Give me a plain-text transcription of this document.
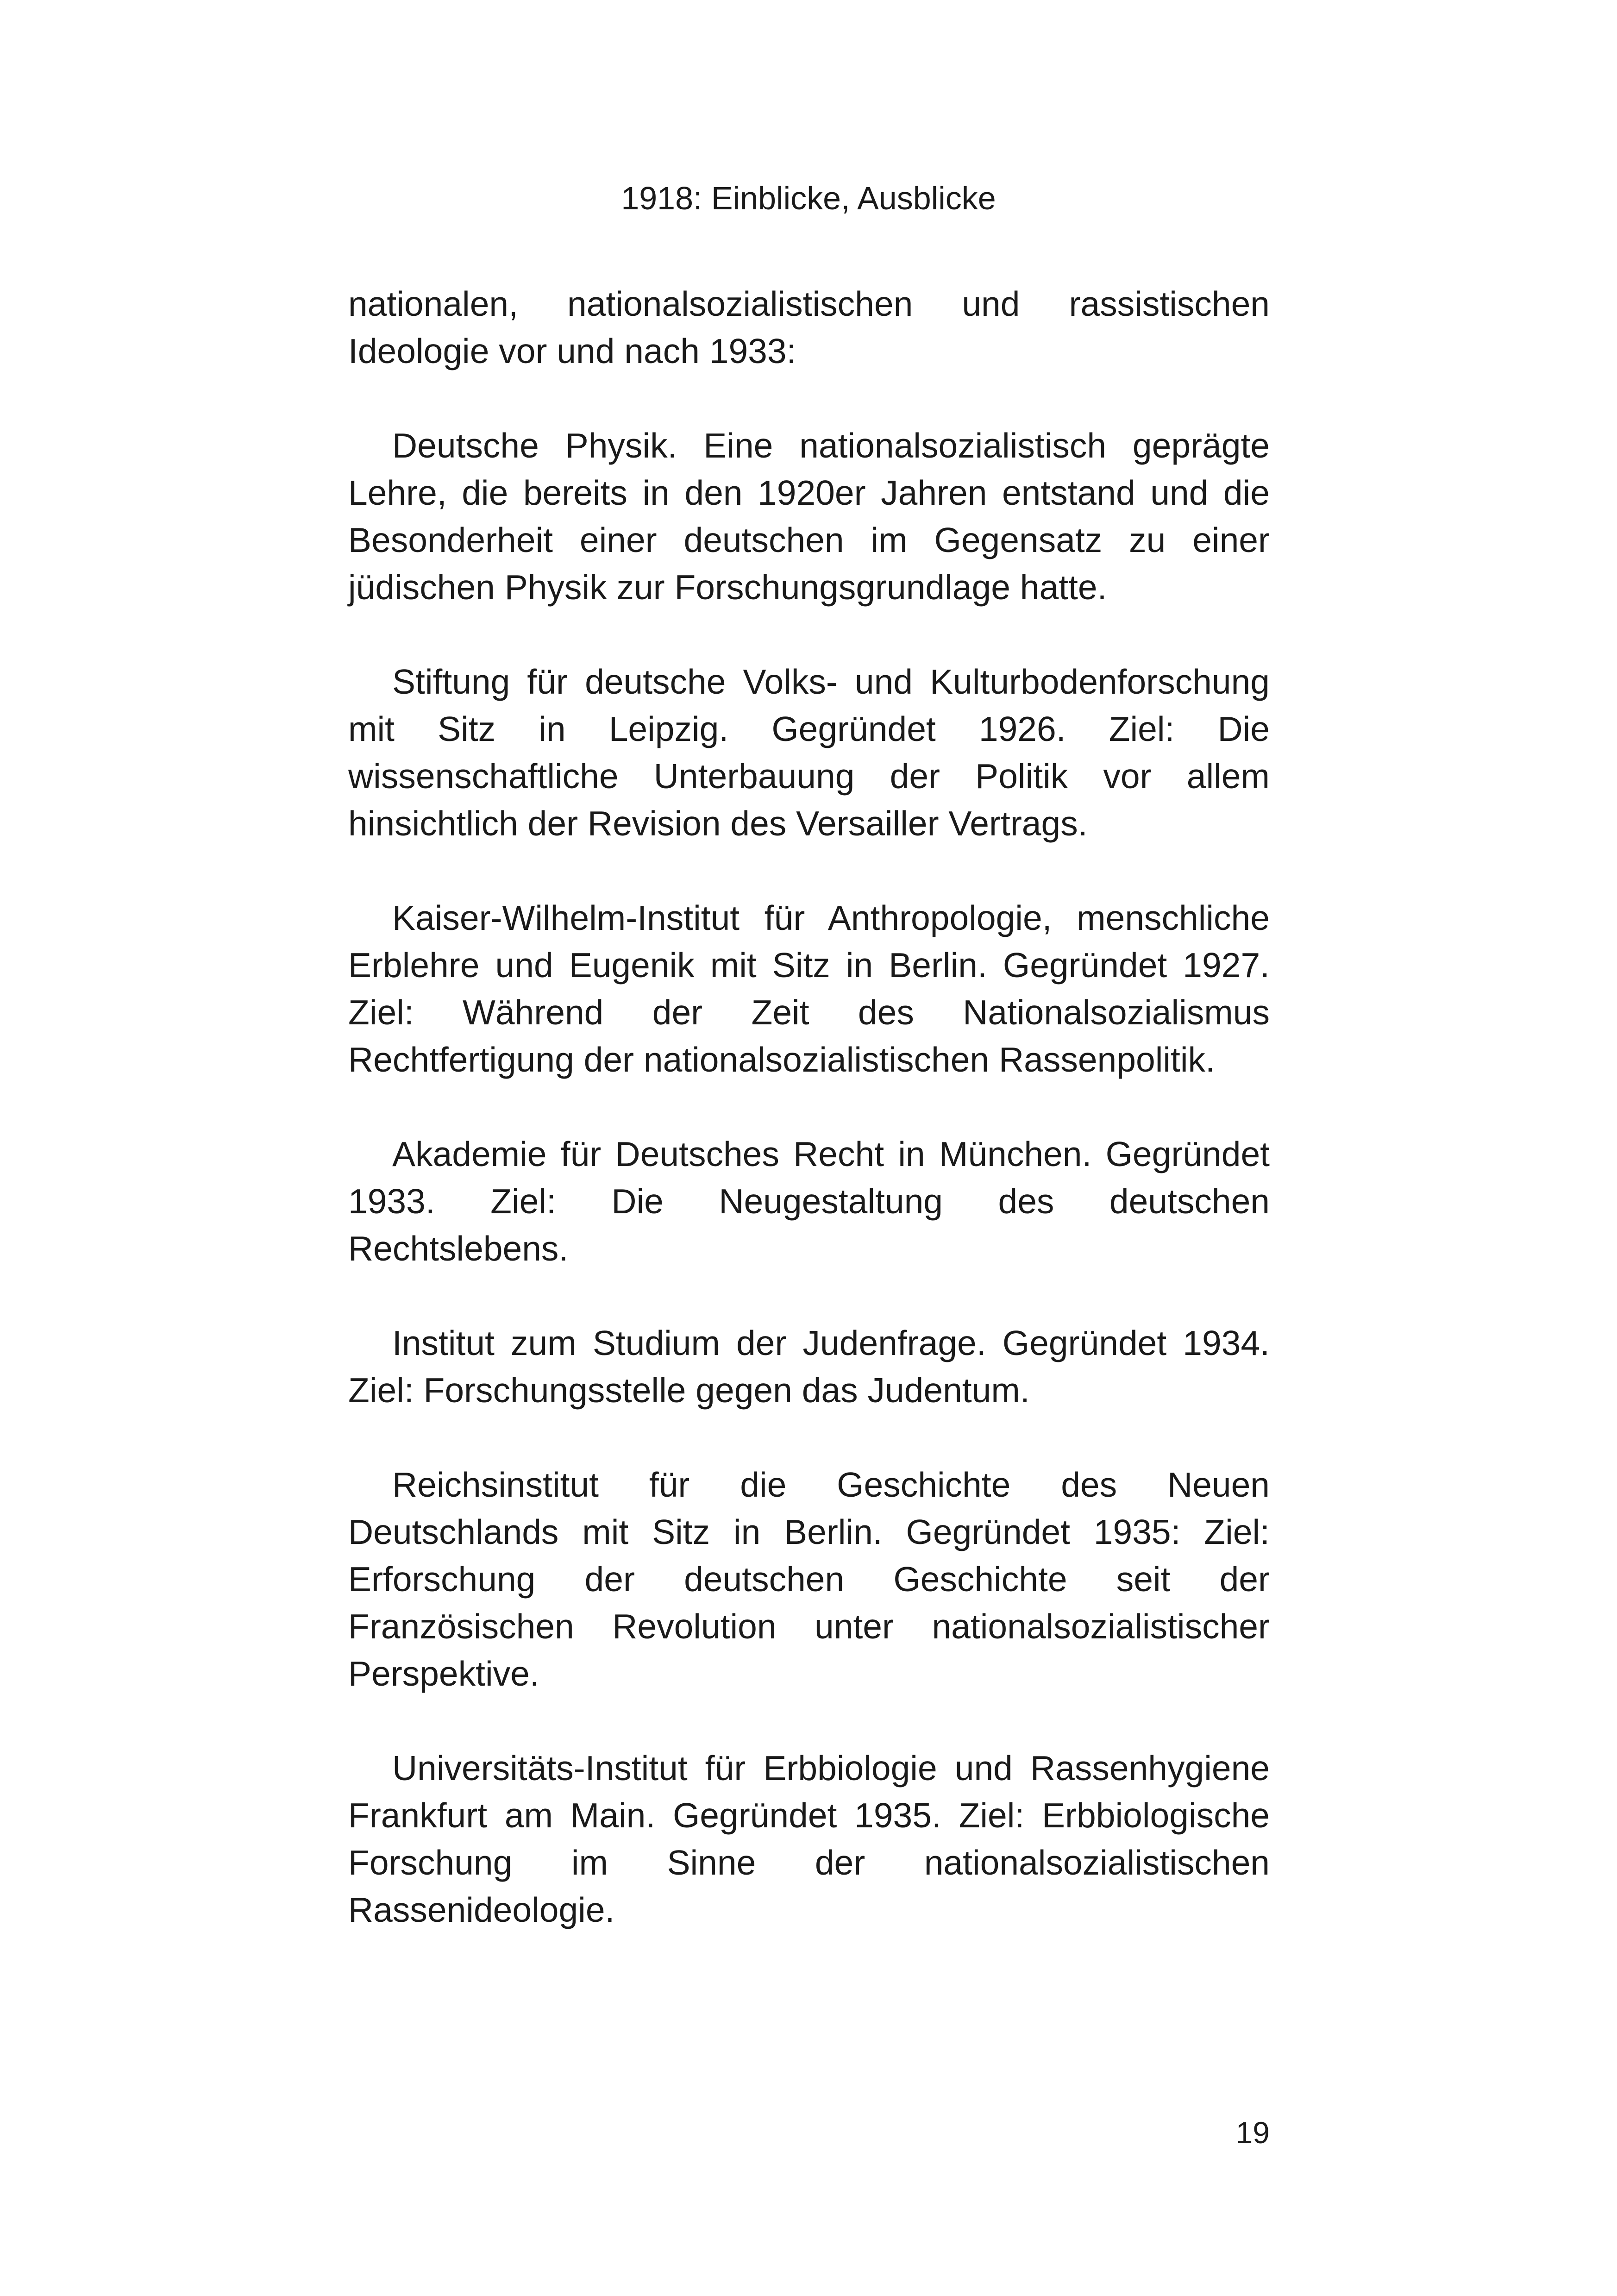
1918: Einblicke, Ausblicke

nationalen, nationalsozialistischen und rassistischen Ideologie vor und nach 1933:

Deutsche Physik. Eine nationalsozialistisch geprägte Lehre, die bereits in den 1920er Jahren entstand und die Besonderheit einer deutschen im Gegensatz zu einer jüdischen Physik zur Forschungsgrundlage hatte.

Stiftung für deutsche Volks- und Kulturbodenforschung mit Sitz in Leipzig. Gegründet 1926. Ziel: Die wissenschaftliche Unterbauung der Politik vor allem hinsichtlich der Revision des Versailler Vertrags.

Kaiser-Wilhelm-Institut für Anthropologie, menschliche Erblehre und Eugenik mit Sitz in Berlin. Gegründet 1927. Ziel: Während der Zeit des Nationalsozialismus Rechtfertigung der nationalsozialistischen Rassenpolitik.

Akademie für Deutsches Recht in München. Gegründet 1933. Ziel: Die Neugestaltung des deutschen Rechtslebens.

Institut zum Studium der Judenfrage. Gegründet 1934. Ziel: Forschungsstelle gegen das Judentum.

Reichsinstitut für die Geschichte des Neuen Deutschlands mit Sitz in Berlin. Gegründet 1935: Ziel: Erforschung der deutschen Geschichte seit der Französischen Revolution unter nationalsozialistischer Perspektive.

Universitäts-Institut für Erbbiologie und Rassenhygiene Frankfurt am Main. Gegründet 1935. Ziel: Erbbiologische Forschung im Sinne der nationalsozialistischen Rassenideologie.

19
